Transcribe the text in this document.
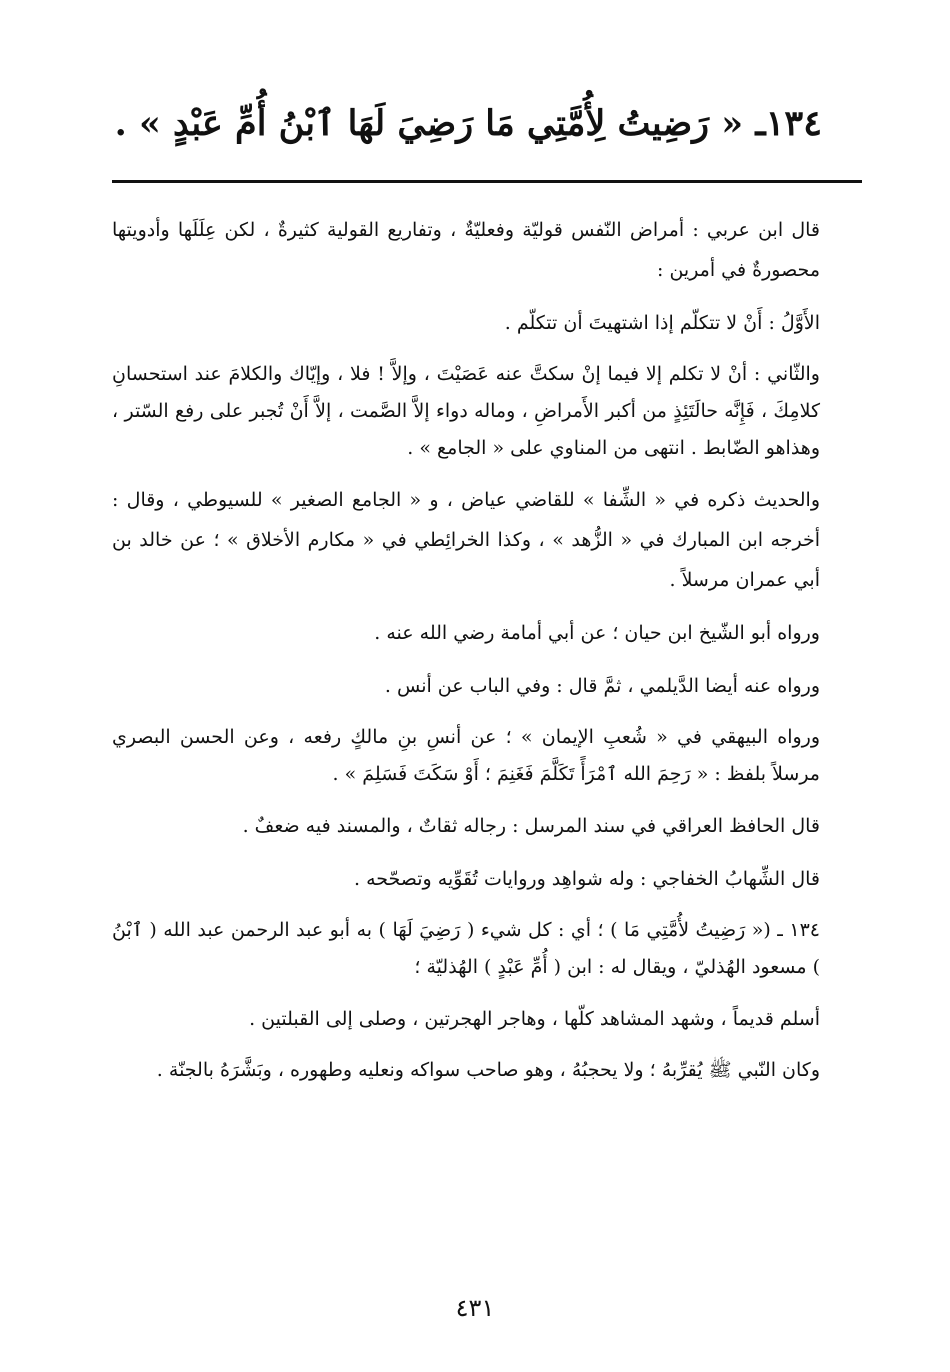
١٣٤ـ « رَضِيتُ لِأُمَّتِي مَا رَضِيَ لَهَا ٱبْنُ أُمِّ عَبْدٍ » .

قال ابن عربي : أمراض النّفس قوليّة وفعليّةٌ ، وتفاريع القولية كثيرةٌ ، لكن عِلَلَها وأدويتها محصورةٌ في أمرين :

الأَوَّلُ : أَنْ لا تتكلّم إذا اشتهيتَ أن تتكلّم .

والثّاني : أنْ لا تكلم إلا فيما إنْ سكتَّ عنه عَصَيْتَ ، وإلاَّ ! فلا ، وإيّاك والكلامَ عند استحسانِ كلامِكَ ، فَإِنَّه حالَتَئِذٍ من أكبر الأَمراضِ ، وماله دواء إلاَّ الصَّمت ، إلاَّ أَنْ تُجبر على رفع السّتر ، وهذاهو الضّابط . انتهى من المناوي على « الجامع » .

والحديث ذكره في « الشِّفا » للقاضي عياض ، و « الجامع الصغير » للسيوطي ، وقال : أخرجه ابن المبارك في « الزُّهد » ، وكذا الخرائِطي في « مكارم الأخلاق » ؛ عن خالد بن أبي عمران مرسلاً .

ورواه أبو الشّيخ ابن حيان ؛ عن أبي أمامة رضي الله عنه .

ورواه عنه أيضا الدَّيلمي ، ثمَّ قال : وفي الباب عن أنس .

ورواه البيهقي في « شُعبِ الإيمان » ؛ عن أنسِ بنِ مالكٍ رفعه ، وعن الحسن البصري مرسلاً بلفظ : « رَحِمَ الله ٱمْرَأً تَكَلَّمَ فَغَنِمَ ؛ أَوْ سَكَتَ فَسَلِمَ » .

قال الحافظ العراقي في سند المرسل : رجاله ثقاتٌ ، والمسند فيه ضعفٌ .

قال الشِّهابُ الخفاجي : وله شواهِد وروايات تُقَوِّيه وتصحّحه .

١٣٤ ـ (« رَضِيتُ لأُمَّتِي مَا ) ؛ أي : كل شيء ( رَضِيَ لَهَا ) به أبو عبد الرحمن عبد الله ( ٱبْنُ ) مسعود الهُذليّ ، ويقال له : ابن ( أُمِّ عَبْدٍ ) الهُذليّة ؛

أسلم قديماً ، وشهد المشاهد كلّها ، وهاجر الهجرتين ، وصلى إلى القبلتين .

وكان النّبي ﷺ يُقرِّبهُ ؛ ولا يحجبُهُ ، وهو صاحب سواكه ونعليه وطهوره ، وبَشَّرَهُ بالجنّة .

٤٣١
